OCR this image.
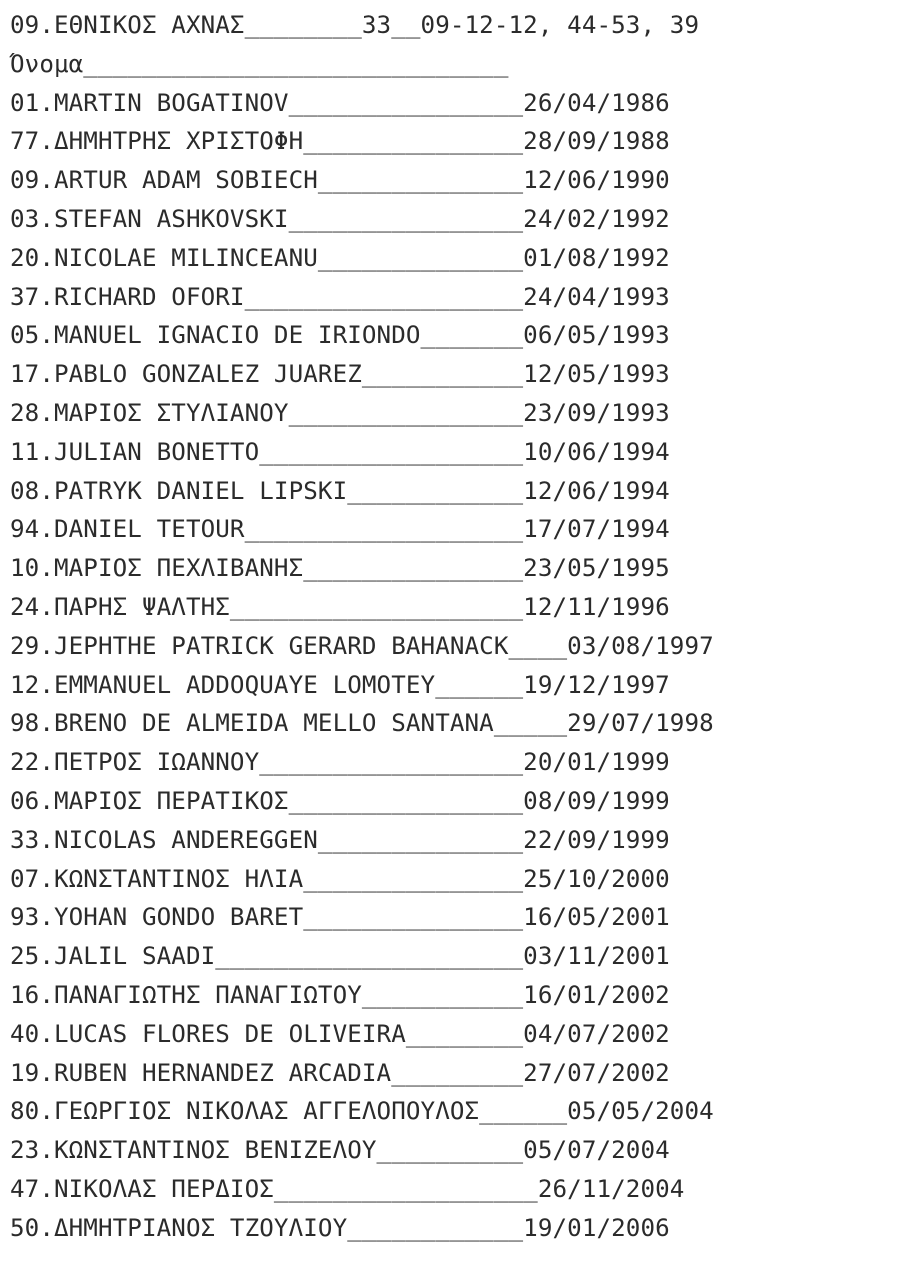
09.ΕΘΝΙΚΟΣ ΑΧΝΑΣ________33__09-12-12, 44-53, 39
Όνομα_____________________________
01.MARTIN BOGATINOV________________26/04/1986
77.ΔΗΜΗΤΡΗΣ ΧΡΙΣΤΟΦΗ_______________28/09/1988
09.ARTUR ADAM SOBIECH______________12/06/1990
03.STEFAN ASHKOVSKI________________24/02/1992
20.NICOLAE MILINCEANU______________01/08/1992
37.RICHARD OFORI___________________24/04/1993
05.MANUEL IGNACIO DE IRIONDO_______06/05/1993
17.PABLO GONZALEZ JUAREZ___________12/05/1993
28.ΜΑΡΙΟΣ ΣΤΥΛΙΑΝΟΥ________________23/09/1993
11.JULIAN BONETTO__________________10/06/1994
08.PATRYK DANIEL LIPSKI____________12/06/1994
94.DANIEL TETOUR___________________17/07/1994
10.ΜΑΡΙΟΣ ΠΕΧΛΙΒΑΝΗΣ_______________23/05/1995
24.ΠΑΡΗΣ ΨΑΛΤΗΣ____________________12/11/1996
29.JEPHTHE PATRICK GERARD BAHANACK____03/08/1997
12.EMMANUEL ADDOQUAYE LOMOTEY______19/12/1997
98.BRENO DE ALMEIDA MELLO SANTANA_____29/07/1998
22.ΠΕΤΡΟΣ ΙΩΑΝΝΟΥ__________________20/01/1999
06.ΜΑΡΙΟΣ ΠΕΡΑΤΙΚΟΣ________________08/09/1999
33.NICOLAS ANDEREGGEN______________22/09/1999
07.ΚΩΝΣΤΑΝΤΙΝΟΣ ΗΛΙΑ_______________25/10/2000
93.YOHAN GONDO BARET_______________16/05/2001
25.JALIL SAADI_____________________03/11/2001
16.ΠΑΝΑΓΙΩΤΗΣ ΠΑΝΑΓΙΩΤΟΥ___________16/01/2002
40.LUCAS FLORES DE OLIVEIRA________04/07/2002
19.RUBEN HERNANDEZ ARCADIA_________27/07/2002
80.ΓΕΩΡΓΙΟΣ ΝΙΚΟΛΑΣ ΑΓΓΕΛΟΠΟΥΛΟΣ______05/05/2004
23.ΚΩΝΣΤΑΝΤΙΝΟΣ ΒΕΝΙΖΕΛΟΥ__________05/07/2004
47.ΝΙΚΟΛΑΣ ΠΕΡΔΙΟΣ__________________26/11/2004
50.ΔΗΜΗΤΡΙΑΝΟΣ ΤΖΟΥΛΙΟΥ____________19/01/2006
